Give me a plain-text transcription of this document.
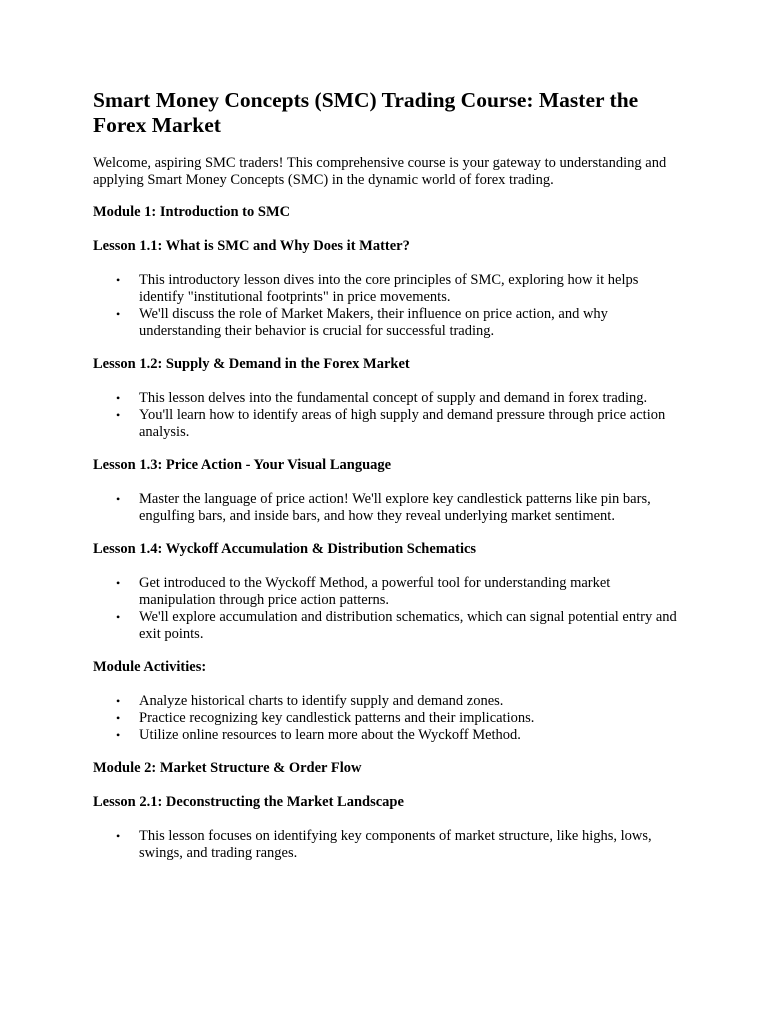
Smart Money Concepts (SMC) Trading Course: Master the Forex Market
Welcome, aspiring SMC traders! This comprehensive course is your gateway to understanding and applying Smart Money Concepts (SMC) in the dynamic world of forex trading.
Module 1: Introduction to SMC
Lesson 1.1: What is SMC and Why Does it Matter?
• This introductory lesson dives into the core principles of SMC, exploring how it helps identify "institutional footprints" in price movements.
• We'll discuss the role of Market Makers, their influence on price action, and why understanding their behavior is crucial for successful trading.
Lesson 1.2: Supply & Demand in the Forex Market
• This lesson delves into the fundamental concept of supply and demand in forex trading.
• You'll learn how to identify areas of high supply and demand pressure through price action analysis.
Lesson 1.3: Price Action - Your Visual Language
• Master the language of price action! We'll explore key candlestick patterns like pin bars, engulfing bars, and inside bars, and how they reveal underlying market sentiment.
Lesson 1.4: Wyckoff Accumulation & Distribution Schematics
• Get introduced to the Wyckoff Method, a powerful tool for understanding market manipulation through price action patterns.
• We'll explore accumulation and distribution schematics, which can signal potential entry and exit points.
Module Activities:
• Analyze historical charts to identify supply and demand zones.
• Practice recognizing key candlestick patterns and their implications.
• Utilize online resources to learn more about the Wyckoff Method.
Module 2: Market Structure & Order Flow
Lesson 2.1: Deconstructing the Market Landscape
• This lesson focuses on identifying key components of market structure, like highs, lows, swings, and trading ranges.
